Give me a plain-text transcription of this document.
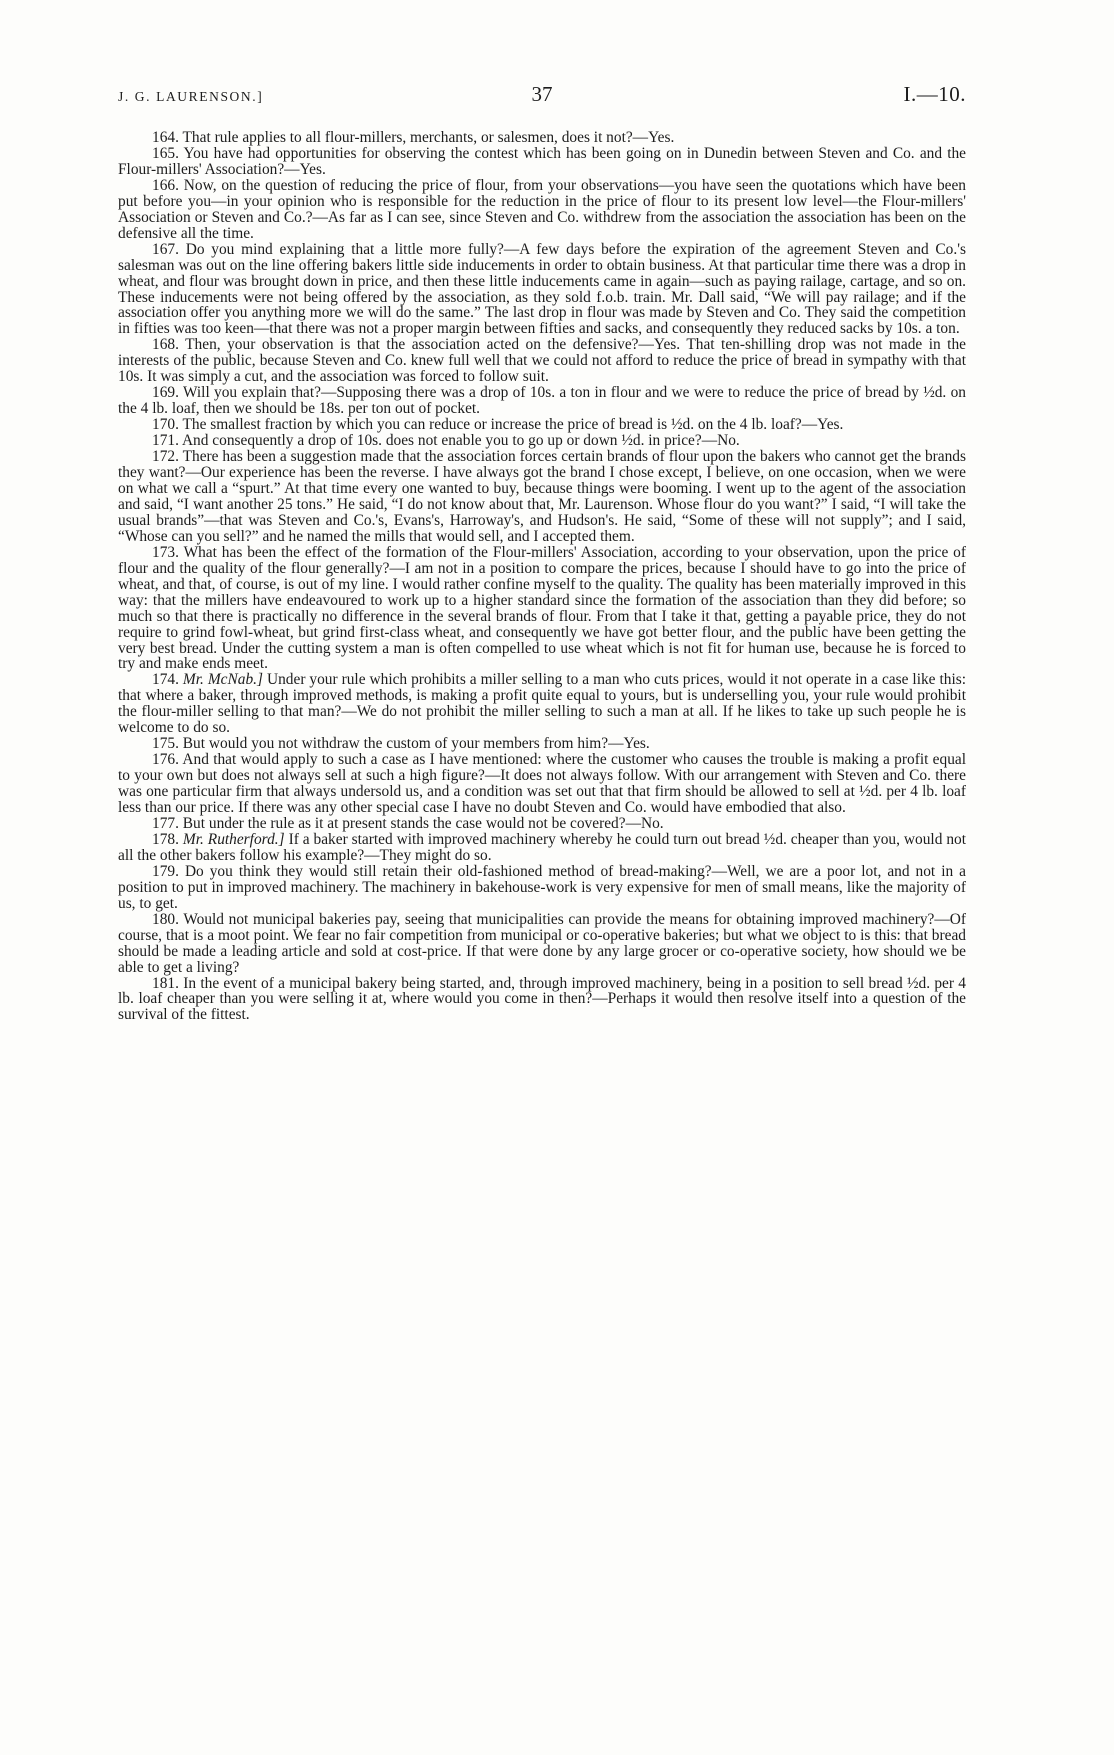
J. G. LAURENSON.]	37	I.—10.

164. That rule applies to all flour-millers, merchants, or salesmen, does it not?—Yes.

165. You have had opportunities for observing the contest which has been going on in Dunedin between Steven and Co. and the Flour-millers' Association?—Yes.

166. Now, on the question of reducing the price of flour, from your observations—you have seen the quotations which have been put before you—in your opinion who is responsible for the reduction in the price of flour to its present low level—the Flour-millers' Association or Steven and Co.?—As far as I can see, since Steven and Co. withdrew from the association the association has been on the defensive all the time.

167. Do you mind explaining that a little more fully?—A few days before the expiration of the agreement Steven and Co.'s salesman was out on the line offering bakers little side inducements in order to obtain business. At that particular time there was a drop in wheat, and flour was brought down in price, and then these little inducements came in again—such as paying railage, cartage, and so on. These inducements were not being offered by the association, as they sold f.o.b. train. Mr. Dall said, “We will pay railage; and if the association offer you anything more we will do the same.” The last drop in flour was made by Steven and Co. They said the competition in fifties was too keen—that there was not a proper margin between fifties and sacks, and consequently they reduced sacks by 10s. a ton.

168. Then, your observation is that the association acted on the defensive?—Yes. That ten-shilling drop was not made in the interests of the public, because Steven and Co. knew full well that we could not afford to reduce the price of bread in sympathy with that 10s. It was simply a cut, and the association was forced to follow suit.

169. Will you explain that?—Supposing there was a drop of 10s. a ton in flour and we were to reduce the price of bread by ½d. on the 4 lb. loaf, then we should be 18s. per ton out of pocket.

170. The smallest fraction by which you can reduce or increase the price of bread is ½d. on the 4 lb. loaf?—Yes.

171. And consequently a drop of 10s. does not enable you to go up or down ½d. in price?—No.

172. There has been a suggestion made that the association forces certain brands of flour upon the bakers who cannot get the brands they want?—Our experience has been the reverse. I have always got the brand I chose except, I believe, on one occasion, when we were on what we call a “spurt.” At that time every one wanted to buy, because things were booming. I went up to the agent of the association and said, “I want another 25 tons.” He said, “I do not know about that, Mr. Laurenson. Whose flour do you want?” I said, “I will take the usual brands”—that was Steven and Co.'s, Evans's, Harroway's, and Hudson's. He said, “Some of these will not supply”; and I said, “Whose can you sell?” and he named the mills that would sell, and I accepted them.

173. What has been the effect of the formation of the Flour-millers' Association, according to your observation, upon the price of flour and the quality of the flour generally?—I am not in a position to compare the prices, because I should have to go into the price of wheat, and that, of course, is out of my line. I would rather confine myself to the quality. The quality has been materially improved in this way: that the millers have endeavoured to work up to a higher standard since the formation of the association than they did before; so much so that there is practically no difference in the several brands of flour. From that I take it that, getting a payable price, they do not require to grind fowl-wheat, but grind first-class wheat, and consequently we have got better flour, and the public have been getting the very best bread. Under the cutting system a man is often compelled to use wheat which is not fit for human use, because he is forced to try and make ends meet.

174. Mr. McNab.] Under your rule which prohibits a miller selling to a man who cuts prices, would it not operate in a case like this: that where a baker, through improved methods, is making a profit quite equal to yours, but is underselling you, your rule would prohibit the flour-miller selling to that man?—We do not prohibit the miller selling to such a man at all. If he likes to take up such people he is welcome to do so.

175. But would you not withdraw the custom of your members from him?—Yes.

176. And that would apply to such a case as I have mentioned: where the customer who causes the trouble is making a profit equal to your own but does not always sell at such a high figure?—It does not always follow. With our arrangement with Steven and Co. there was one particular firm that always undersold us, and a condition was set out that that firm should be allowed to sell at ½d. per 4 lb. loaf less than our price. If there was any other special case I have no doubt Steven and Co. would have embodied that also.

177. But under the rule as it at present stands the case would not be covered?—No.

178. Mr. Rutherford.] If a baker started with improved machinery whereby he could turn out bread ½d. cheaper than you, would not all the other bakers follow his example?—They might do so.

179. Do you think they would still retain their old-fashioned method of bread-making?—Well, we are a poor lot, and not in a position to put in improved machinery. The machinery in bakehouse-work is very expensive for men of small means, like the majority of us, to get.

180. Would not municipal bakeries pay, seeing that municipalities can provide the means for obtaining improved machinery?—Of course, that is a moot point. We fear no fair competition from municipal or co-operative bakeries; but what we object to is this: that bread should be made a leading article and sold at cost-price. If that were done by any large grocer or co-operative society, how should we be able to get a living?

181. In the event of a municipal bakery being started, and, through improved machinery, being in a position to sell bread ½d. per 4 lb. loaf cheaper than you were selling it at, where would you come in then?—Perhaps it would then resolve itself into a question of the survival of the fittest.
